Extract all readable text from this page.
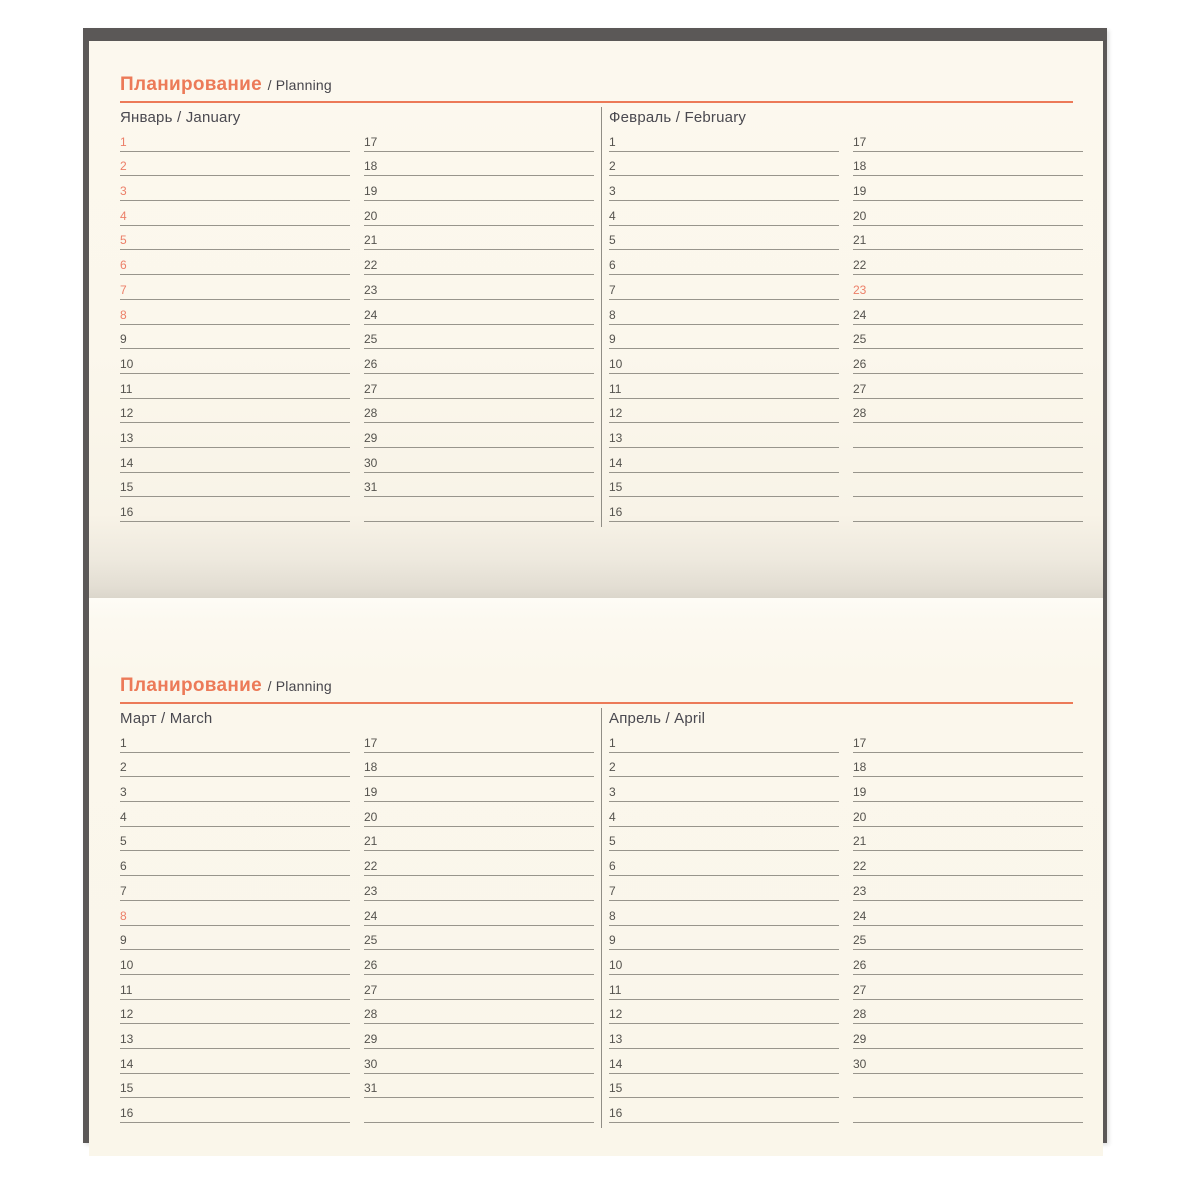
Планирование / Planning
Январь / January
1
2
3
4
5
6
7
8
9
10
11
12
13
14
15
16
17
18
19
20
21
22
23
24
25
26
27
28
29
30
31
Февраль / February
1
2
3
4
5
6
7
8
9
10
11
12
13
14
15
16
17
18
19
20
21
22
23
24
25
26
27
28
Планирование / Planning
Март / March
1
2
3
4
5
6
7
8
9
10
11
12
13
14
15
16
17
18
19
20
21
22
23
24
25
26
27
28
29
30
31
Апрель / April
1
2
3
4
5
6
7
8
9
10
11
12
13
14
15
16
17
18
19
20
21
22
23
24
25
26
27
28
29
30
